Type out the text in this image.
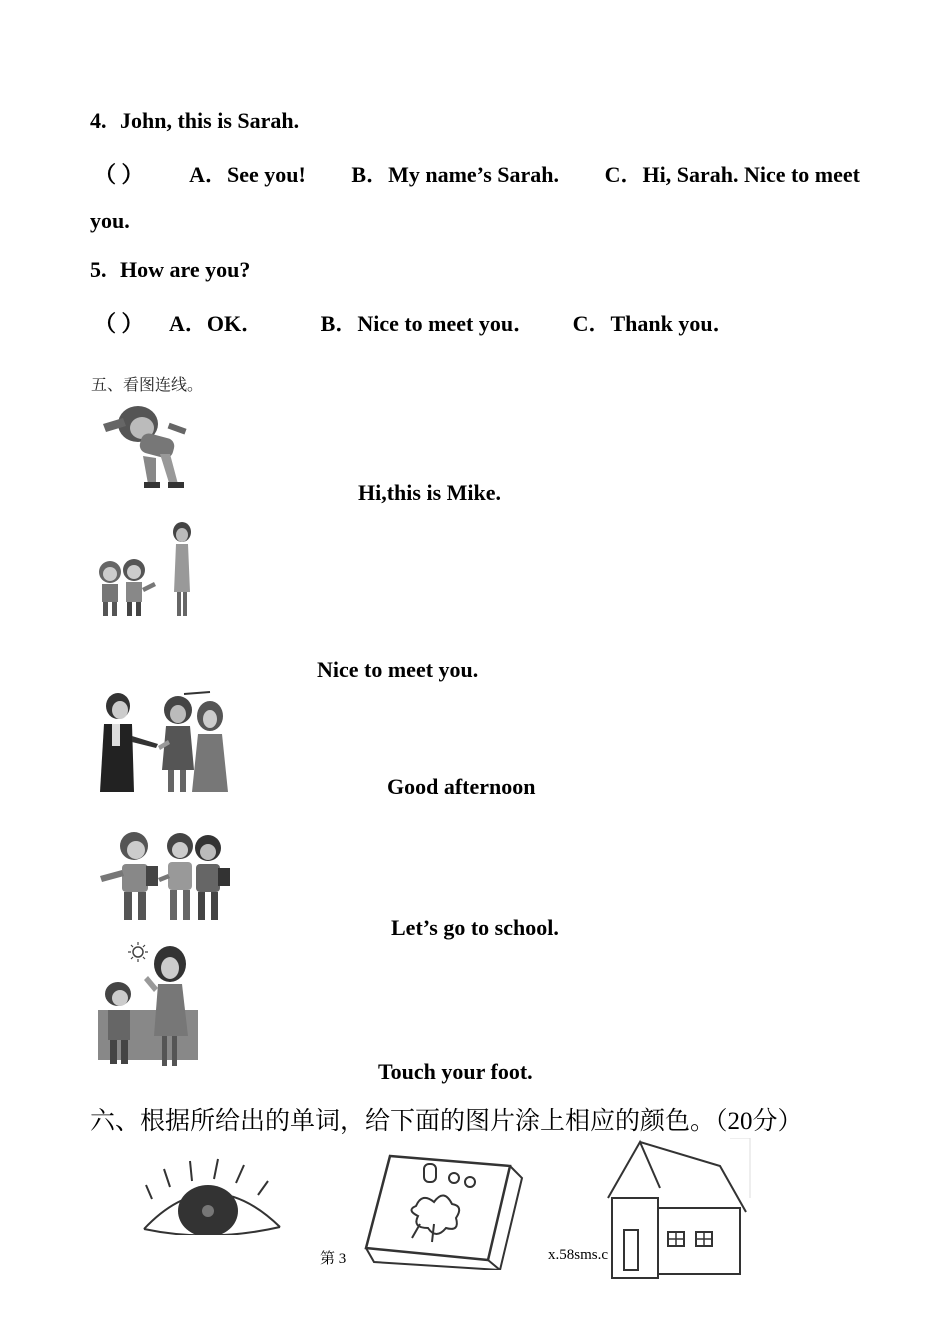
4. John, this is Sarah.
（ ） A．See you! B．My name’s Sarah. C．Hi, Sarah. Nice to meet
you.
5. How are you?
（ ） A．OK．	B．Nice to meet you． C．Thank you．
五、看图连线。
Hi,this is Mike.
Nice to meet you.
Good afternoon
Let’s go to school.
Touch your foot.
六、根据所给出的单词，给下面的图片涂上相应的颜色。（20分）
第 3	x.58sms.c
